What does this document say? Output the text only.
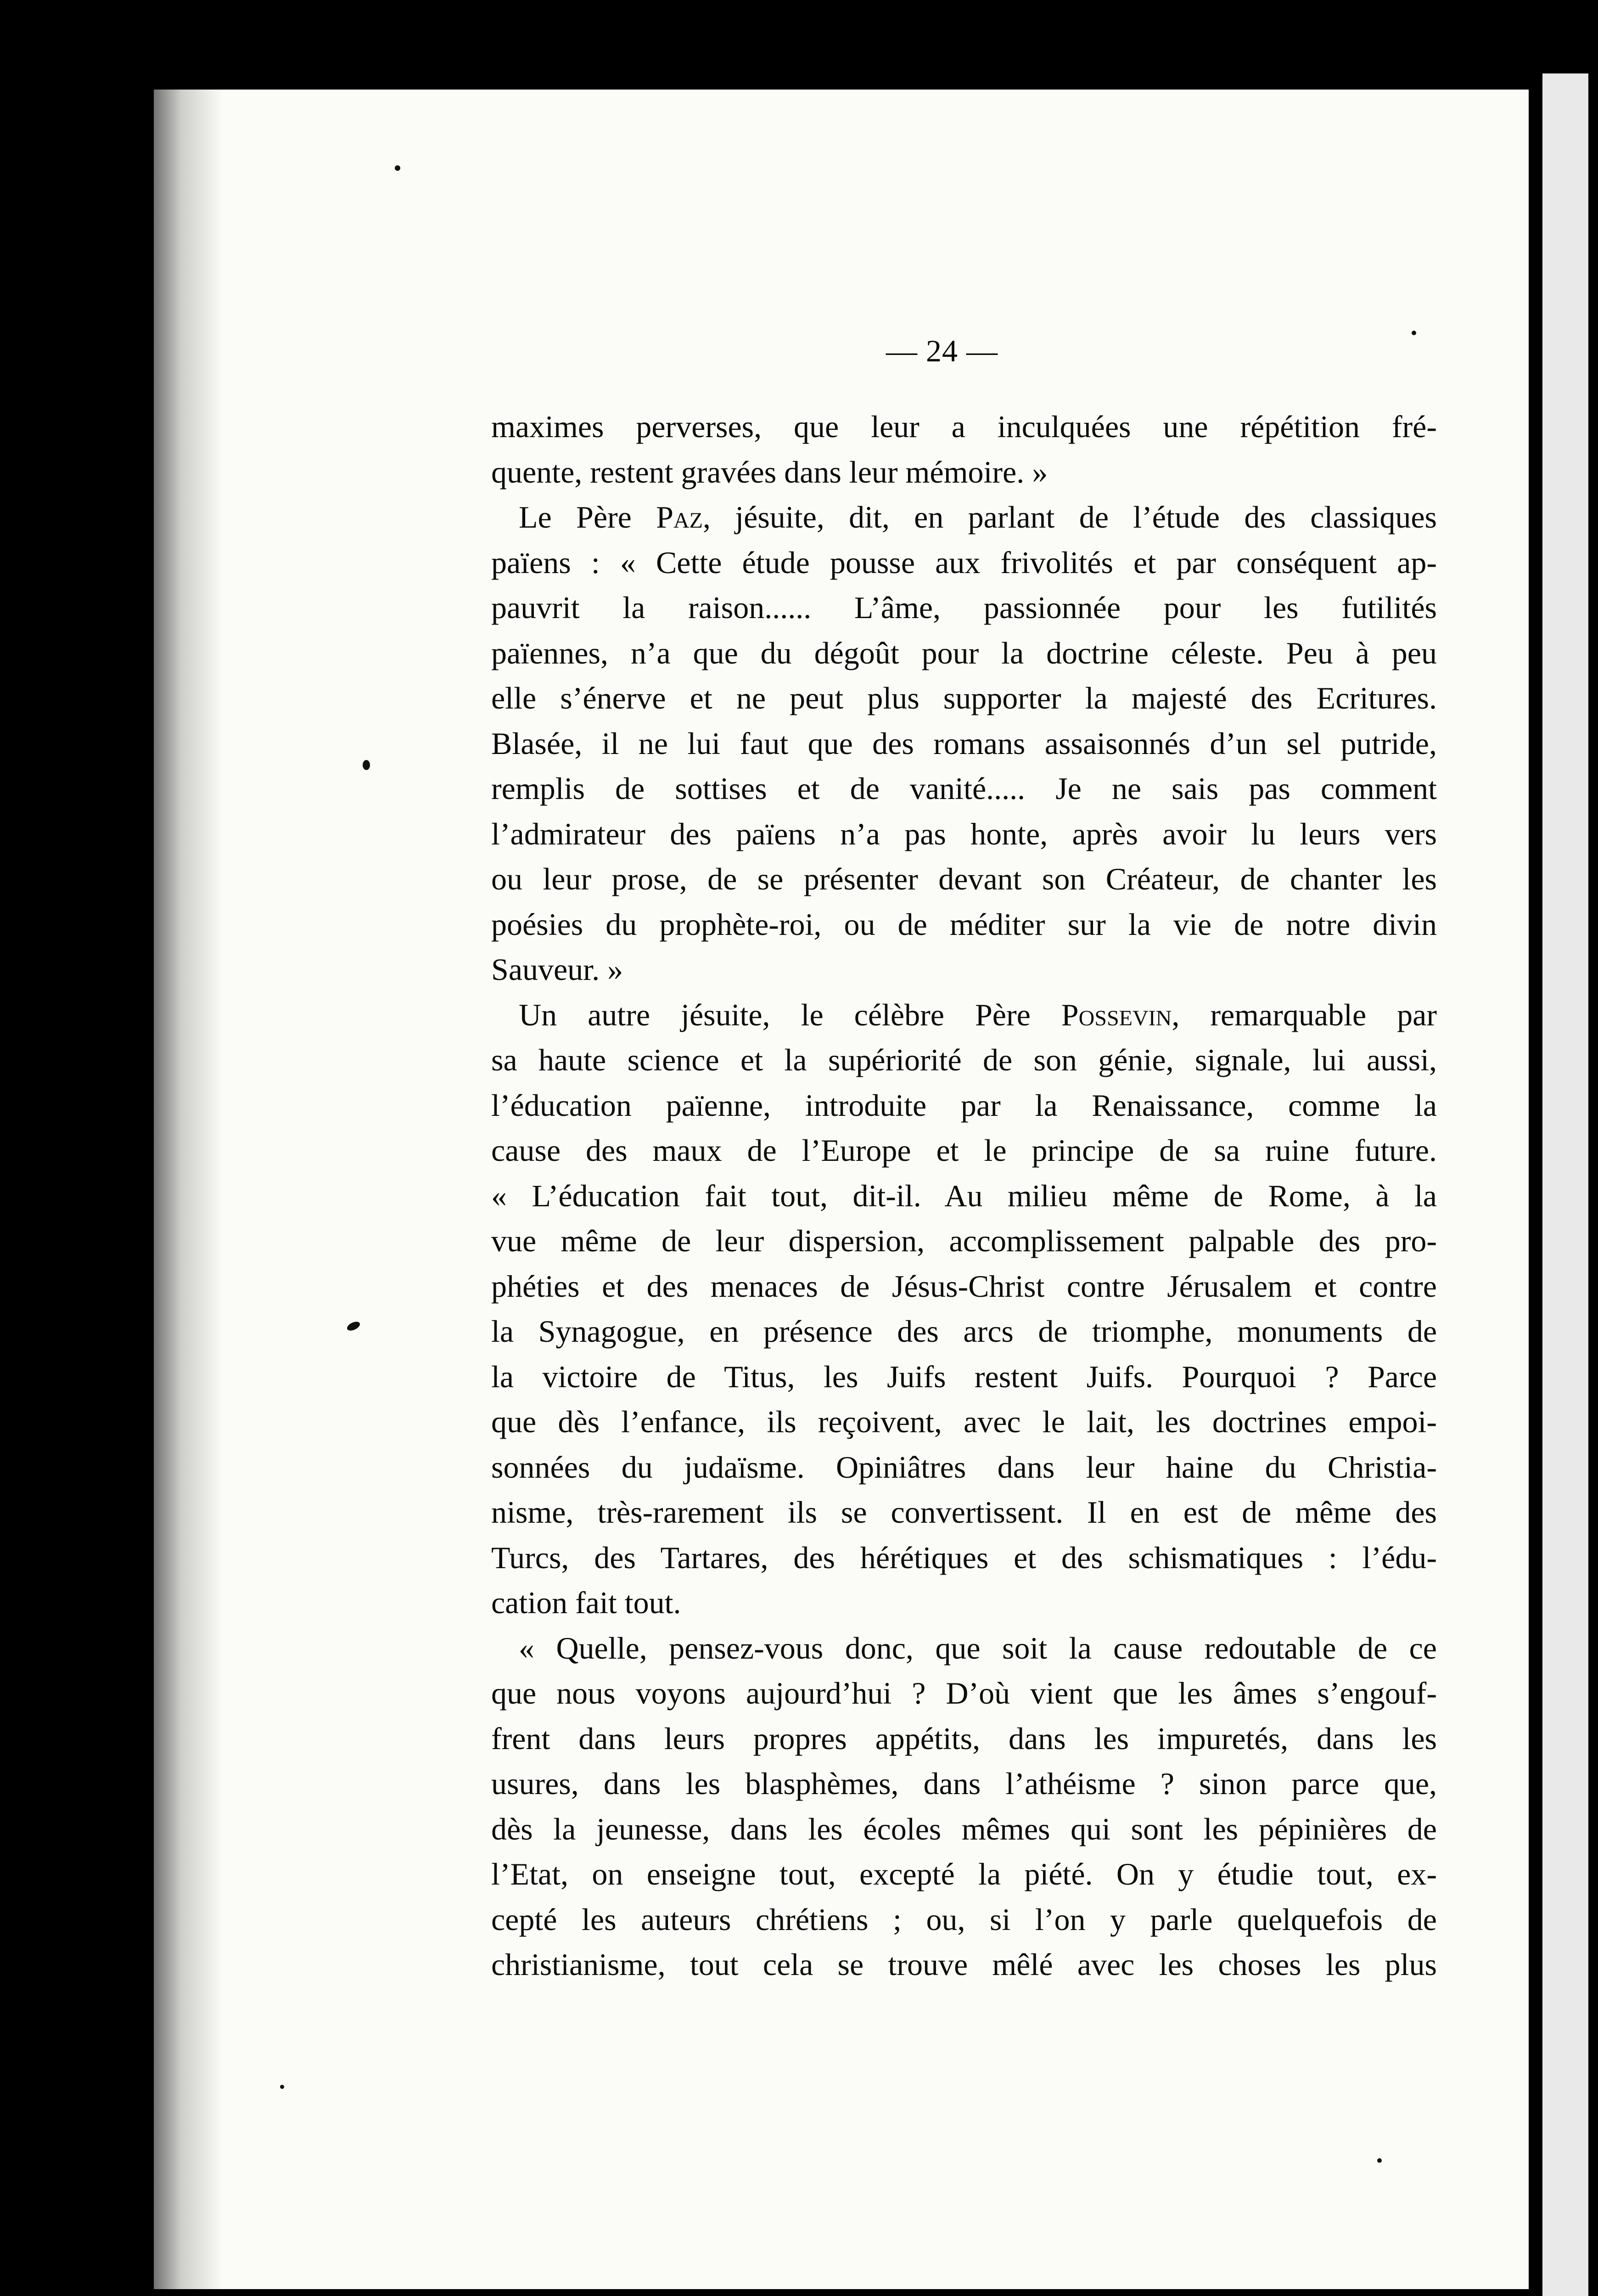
— 24 —
maximes perverses, que leur a inculquées une répétition fré-
quente, restent gravées dans leur mémoire. »
Le Père Paz, jésuite, dit, en parlant de l’étude des classiques
païens : « Cette étude pousse aux frivolités et par conséquent ap-
pauvrit la raison...... L’âme, passionnée pour les futilités
païennes, n’a que du dégoût pour la doctrine céleste. Peu à peu
elle s’énerve et ne peut plus supporter la majesté des Ecritures.
Blasée, il ne lui faut que des romans assaisonnés d’un sel putride,
remplis de sottises et de vanité..... Je ne sais pas comment
l’admirateur des païens n’a pas honte, après avoir lu leurs vers
ou leur prose, de se présenter devant son Créateur, de chanter les
poésies du prophète-roi, ou de méditer sur la vie de notre divin
Sauveur. »
Un autre jésuite, le célèbre Père Possevin, remarquable par
sa haute science et la supériorité de son génie, signale, lui aussi,
l’éducation païenne, introduite par la Renaissance, comme la
cause des maux de l’Europe et le principe de sa ruine future.
« L’éducation fait tout, dit-il. Au milieu même de Rome, à la
vue même de leur dispersion, accomplissement palpable des pro-
phéties et des menaces de Jésus-Christ contre Jérusalem et contre
la Synagogue, en présence des arcs de triomphe, monuments de
la victoire de Titus, les Juifs restent Juifs. Pourquoi ? Parce
que dès l’enfance, ils reçoivent, avec le lait, les doctrines empoi-
sonnées du judaïsme. Opiniâtres dans leur haine du Christia-
nisme, très-rarement ils se convertissent. Il en est de même des
Turcs, des Tartares, des hérétiques et des schismatiques : l’édu-
cation fait tout.
« Quelle, pensez-vous donc, que soit la cause redoutable de ce
que nous voyons aujourd’hui ? D’où vient que les âmes s’engouf-
frent dans leurs propres appétits, dans les impuretés, dans les
usures, dans les blasphèmes, dans l’athéisme ? sinon parce que,
dès la jeunesse, dans les écoles mêmes qui sont les pépinières de
l’Etat, on enseigne tout, excepté la piété. On y étudie tout, ex-
cepté les auteurs chrétiens ; ou, si l’on y parle quelquefois de
christianisme, tout cela se trouve mêlé avec les choses les plus
